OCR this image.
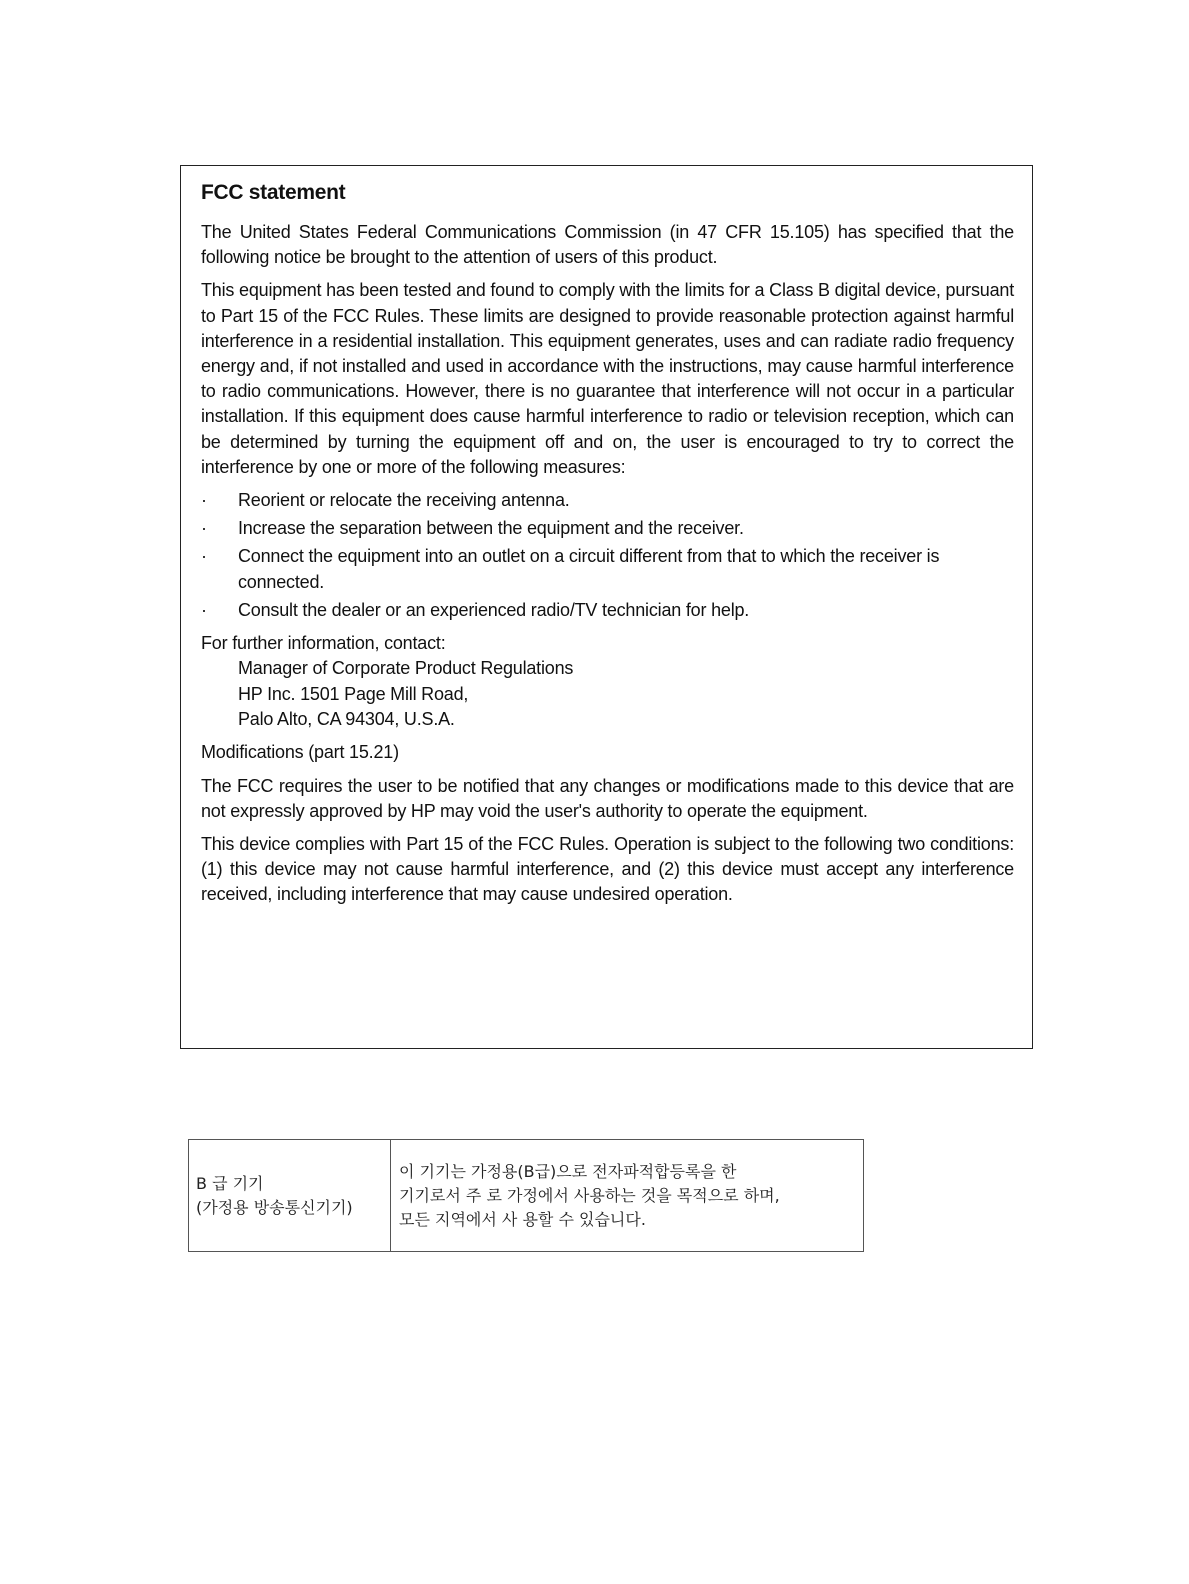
FCC statement

The United States Federal Communications Commission (in 47 CFR 15.105) has specified that the following notice be brought to the attention of users of this product.

This equipment has been tested and found to comply with the limits for a Class B digital device, pursuant to Part 15 of the FCC Rules. These limits are designed to provide reasonable protection against harmful interference in a residential installation. This equipment generates, uses and can radiate radio frequency energy and, if not installed and used in accordance with the instructions, may cause harmful interference to radio communications. However, there is no guarantee that interference will not occur in a particular installation. If this equipment does cause harmful interference to radio or television reception, which can be determined by turning the equipment off and on, the user is encouraged to try to correct the interference by one or more of the following measures:

· Reorient or relocate the receiving antenna.
· Increase the separation between the equipment and the receiver.
· Connect the equipment into an outlet on a circuit different from that to which the receiver is connected.
· Consult the dealer or an experienced radio/TV technician for help.
For further information, contact:
Manager of Corporate Product Regulations
HP Inc. 1501 Page Mill Road,
Palo Alto, CA 94304, U.S.A.

Modifications (part 15.21)

The FCC requires the user to be notified that any changes or modifications made to this device that are not expressly approved by HP may void the user's authority to operate the equipment.

This device complies with Part 15 of the FCC Rules. Operation is subject to the following two conditions: (1) this device may not cause harmful interference, and (2) this device must accept any interference received, including interference that may cause undesired operation.

B 급 기기
(가정용 방송통신기기)

이 기기는 가정용(B급)으로 전자파적합등록을 한
기기로서 주 로 가정에서 사용하는 것을 목적으로 하며,
모든 지역에서 사 용할 수 있습니다.
